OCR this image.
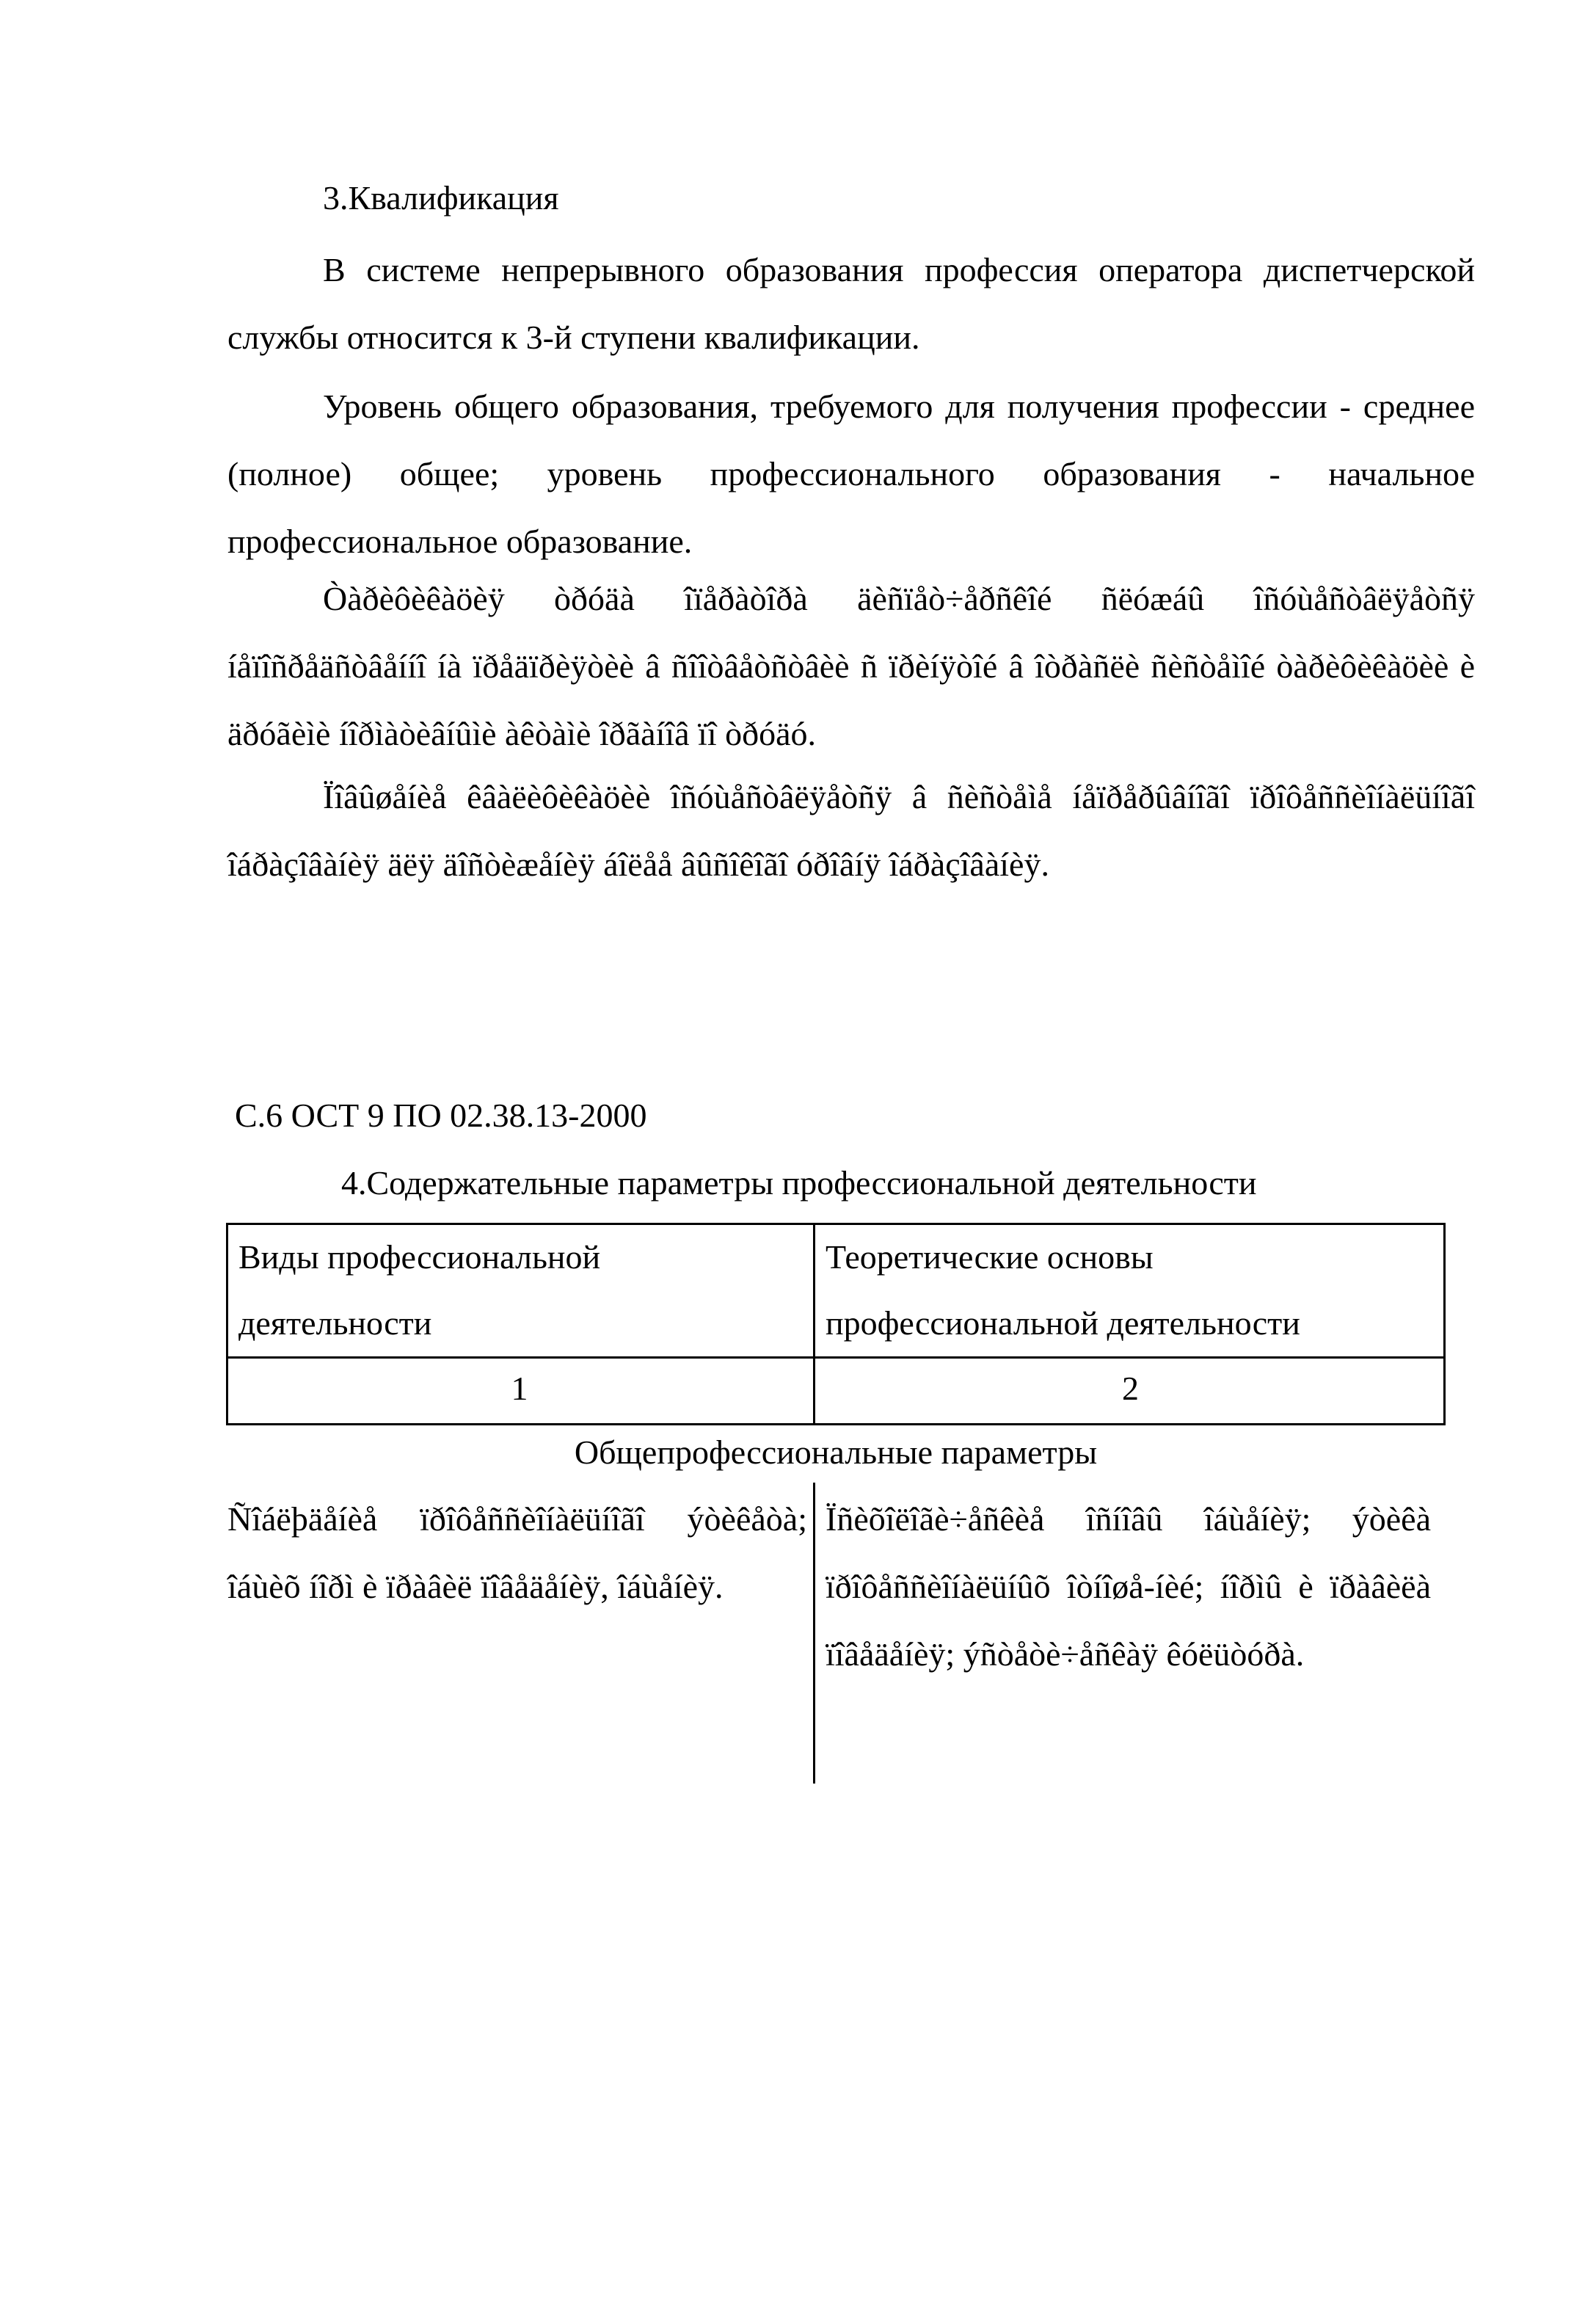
3.Квалификация

В системе непрерывного образования профессия оператора диспетчерской службы относится к 3-й ступени квалификации.

Уровень общего образования, требуемого для получения профессии - среднее (полное) общее; уровень профессионального образования - начальное профессиональное образование.

Òàðèôèêàöèÿ òðóäà îïåðàòîðà äèñïåò÷åðñêîé ñëóæáû îñóùåñòâëÿåòñÿ íåïîñðåäñòâåííî íà ïðåäïðèÿòèè â ñîîòâåòñòâèè ñ ïðèíÿòîé â îòðàñëè ñèñòåìîé òàðèôèêàöèè è äðóãèìè íîðìàòèâíûìè àêòàìè îðãàíîâ ïî òðóäó.

Ïîâûøåíèå êâàëèôèêàöèè îñóùåñòâëÿåòñÿ â ñèñòåìå íåïðåðûâíîãî ïðîôåññèîíàëüíîãî îáðàçîâàíèÿ äëÿ äîñòèæåíèÿ áîëåå âûñîêîãî óðîâíÿ îáðàçîâàíèÿ.

С.6 ОСТ 9 ПО 02.38.13-2000
4.Содержательные параметры профессиональной деятельности

Виды профессиональной деятельности

Теоретические основы профессиональной деятельности

1	2
Общепрофессиональные параметры

Ñîáëþäåíèå ïðîôåññèîíàëüíîãî ýòèêåòà; îáùèõ íîðì è ïðàâèë ïîâåäåíèÿ, îáùåíèÿ.

Ïñèõîëîãè÷åñêèå îñíîâû îáùåíèÿ; ýòèêà ïðîôåññèîíàëüíûõ îòíîøå-íèé; íîðìû è ïðàâèëà ïîâåäåíèÿ; ýñòåòè÷åñêàÿ êóëüòóðà.
